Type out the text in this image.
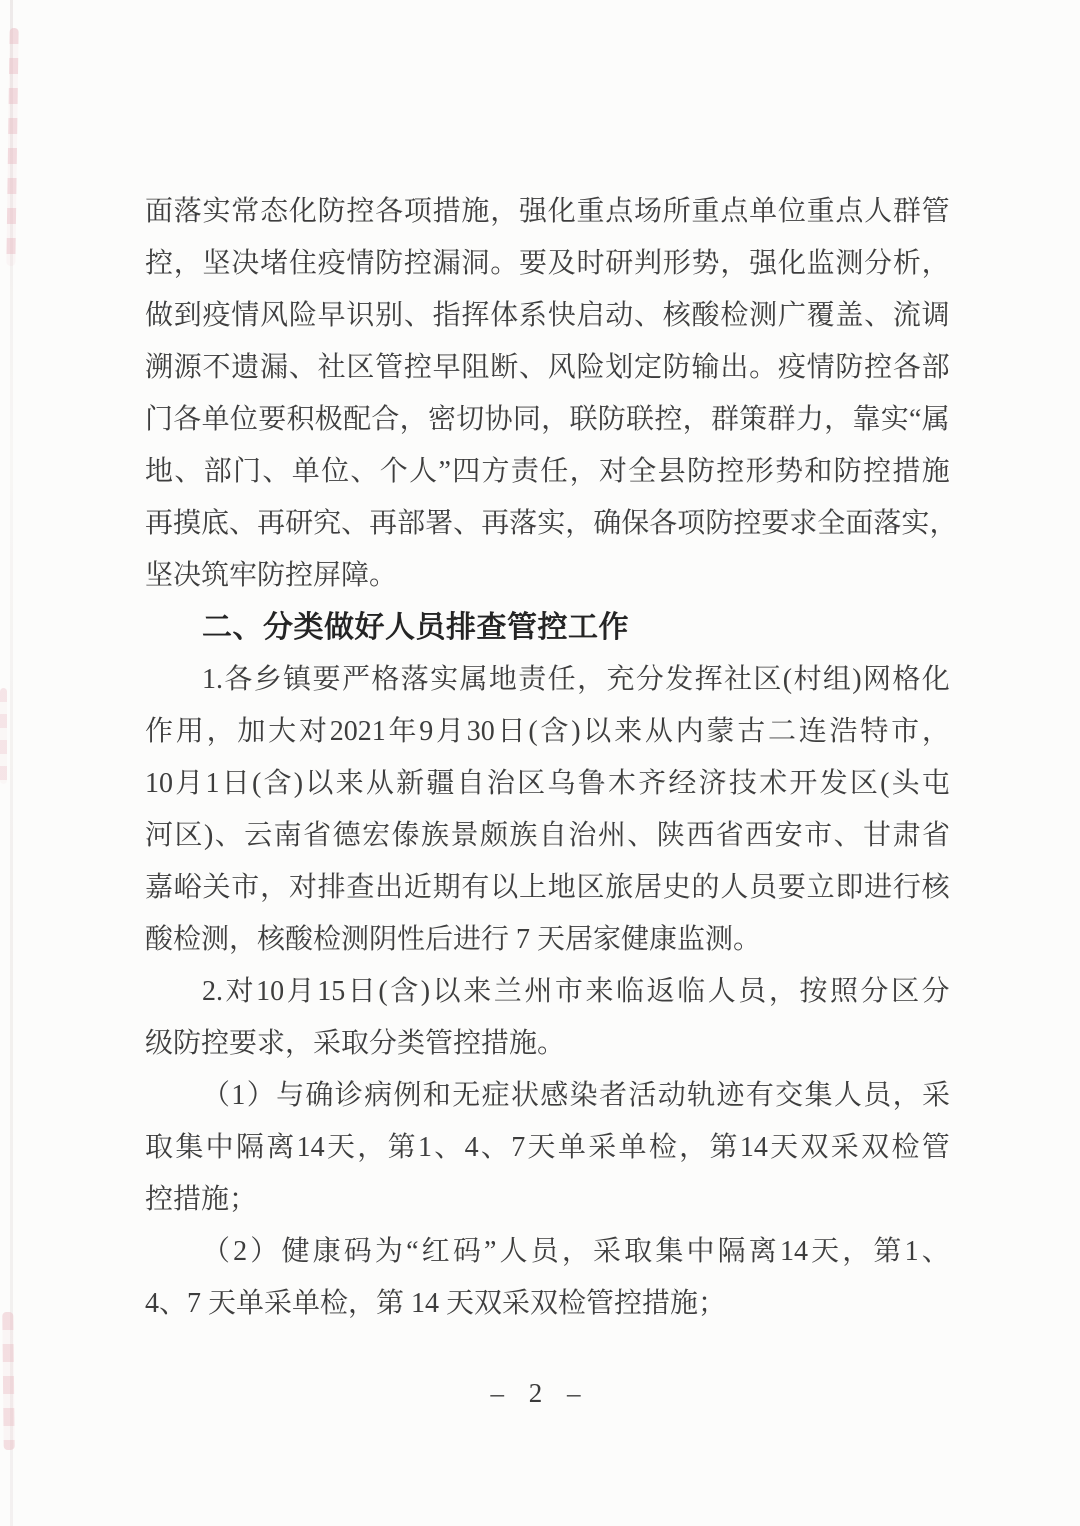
面 落 实 常 态 化 防 控 各 项 措 施 ， 强 化 重 点 场 所 重 点 单 位 重 点 人 群 管
控 ， 坚 决 堵 住 疫 情 防 控 漏 洞 。 要 及 时 研 判 形 势 ， 强 化 监 测 分 析 ，
做 到 疫 情 风 险 早 识 别 、 指 挥 体 系 快 启 动 、 核 酸 检 测 广 覆 盖 、 流 调
溯 源 不 遗 漏 、 社 区 管 控 早 阻 断 、 风 险 划 定 防 输 出 。 疫 情 防 控 各 部
门 各 单 位 要 积 极 配 合 ， 密 切 协 同 ， 联 防 联 控 ， 群 策 群 力 ， 靠 实 “ 属
地 、 部 门 、 单 位 、 个 人 ” 四 方 责 任 ， 对 全 县 防 控 形 势 和 防 控 措 施
再 摸 底 、 再 研 究 、 再 部 署 、 再 落 实 ， 确 保 各 项 防 控 要 求 全 面 落 实 ，
坚决筑牢防控屏障。
二、分类做好人员排查管控工作
1. 各 乡 镇 要 严 格 落 实 属 地 责 任 ， 充 分 发 挥 社 区 ( 村 组 ) 网 格 化
作 用 ， 加 大 对 2021 年 9 月 30 日 ( 含 ) 以 来 从 内 蒙 古 二 连 浩 特 市 ，
10 月 1 日 ( 含 ) 以 来 从 新 疆 自 治 区 乌 鲁 木 齐 经 济 技 术 开 发 区 ( 头 屯
河 区 ) 、 云 南 省 德 宏 傣 族 景 颇 族 自 治 州 、 陕 西 省 西 安 市 、 甘 肃 省
嘉 峪 关 市 ， 对 排 查 出 近 期 有 以 上 地 区 旅 居 史 的 人 员 要 立 即 进 行 核
酸检测，核酸检测阴性后进行 7 天居家健康监测。
2. 对 10 月 15 日 ( 含 ) 以 来 兰 州 市 来 临 返 临 人 员 ， 按 照 分 区 分
级防控要求，采取分类管控措施。
（ 1 ） 与 确 诊 病 例 和 无 症 状 感 染 者 活 动 轨 迹 有 交 集 人 员 ， 采
取 集 中 隔 离 14 天 ， 第 1 、 4 、 7 天 单 采 单 检 ， 第 14 天 双 采 双 检 管
控措施；
（ 2 ） 健 康 码 为 “ 红 码 ” 人 员 ， 采 取 集 中 隔 离 14 天 ， 第 1 、
4、7 天单采单检，第 14 天双采双检管控措施；
– 2 –
